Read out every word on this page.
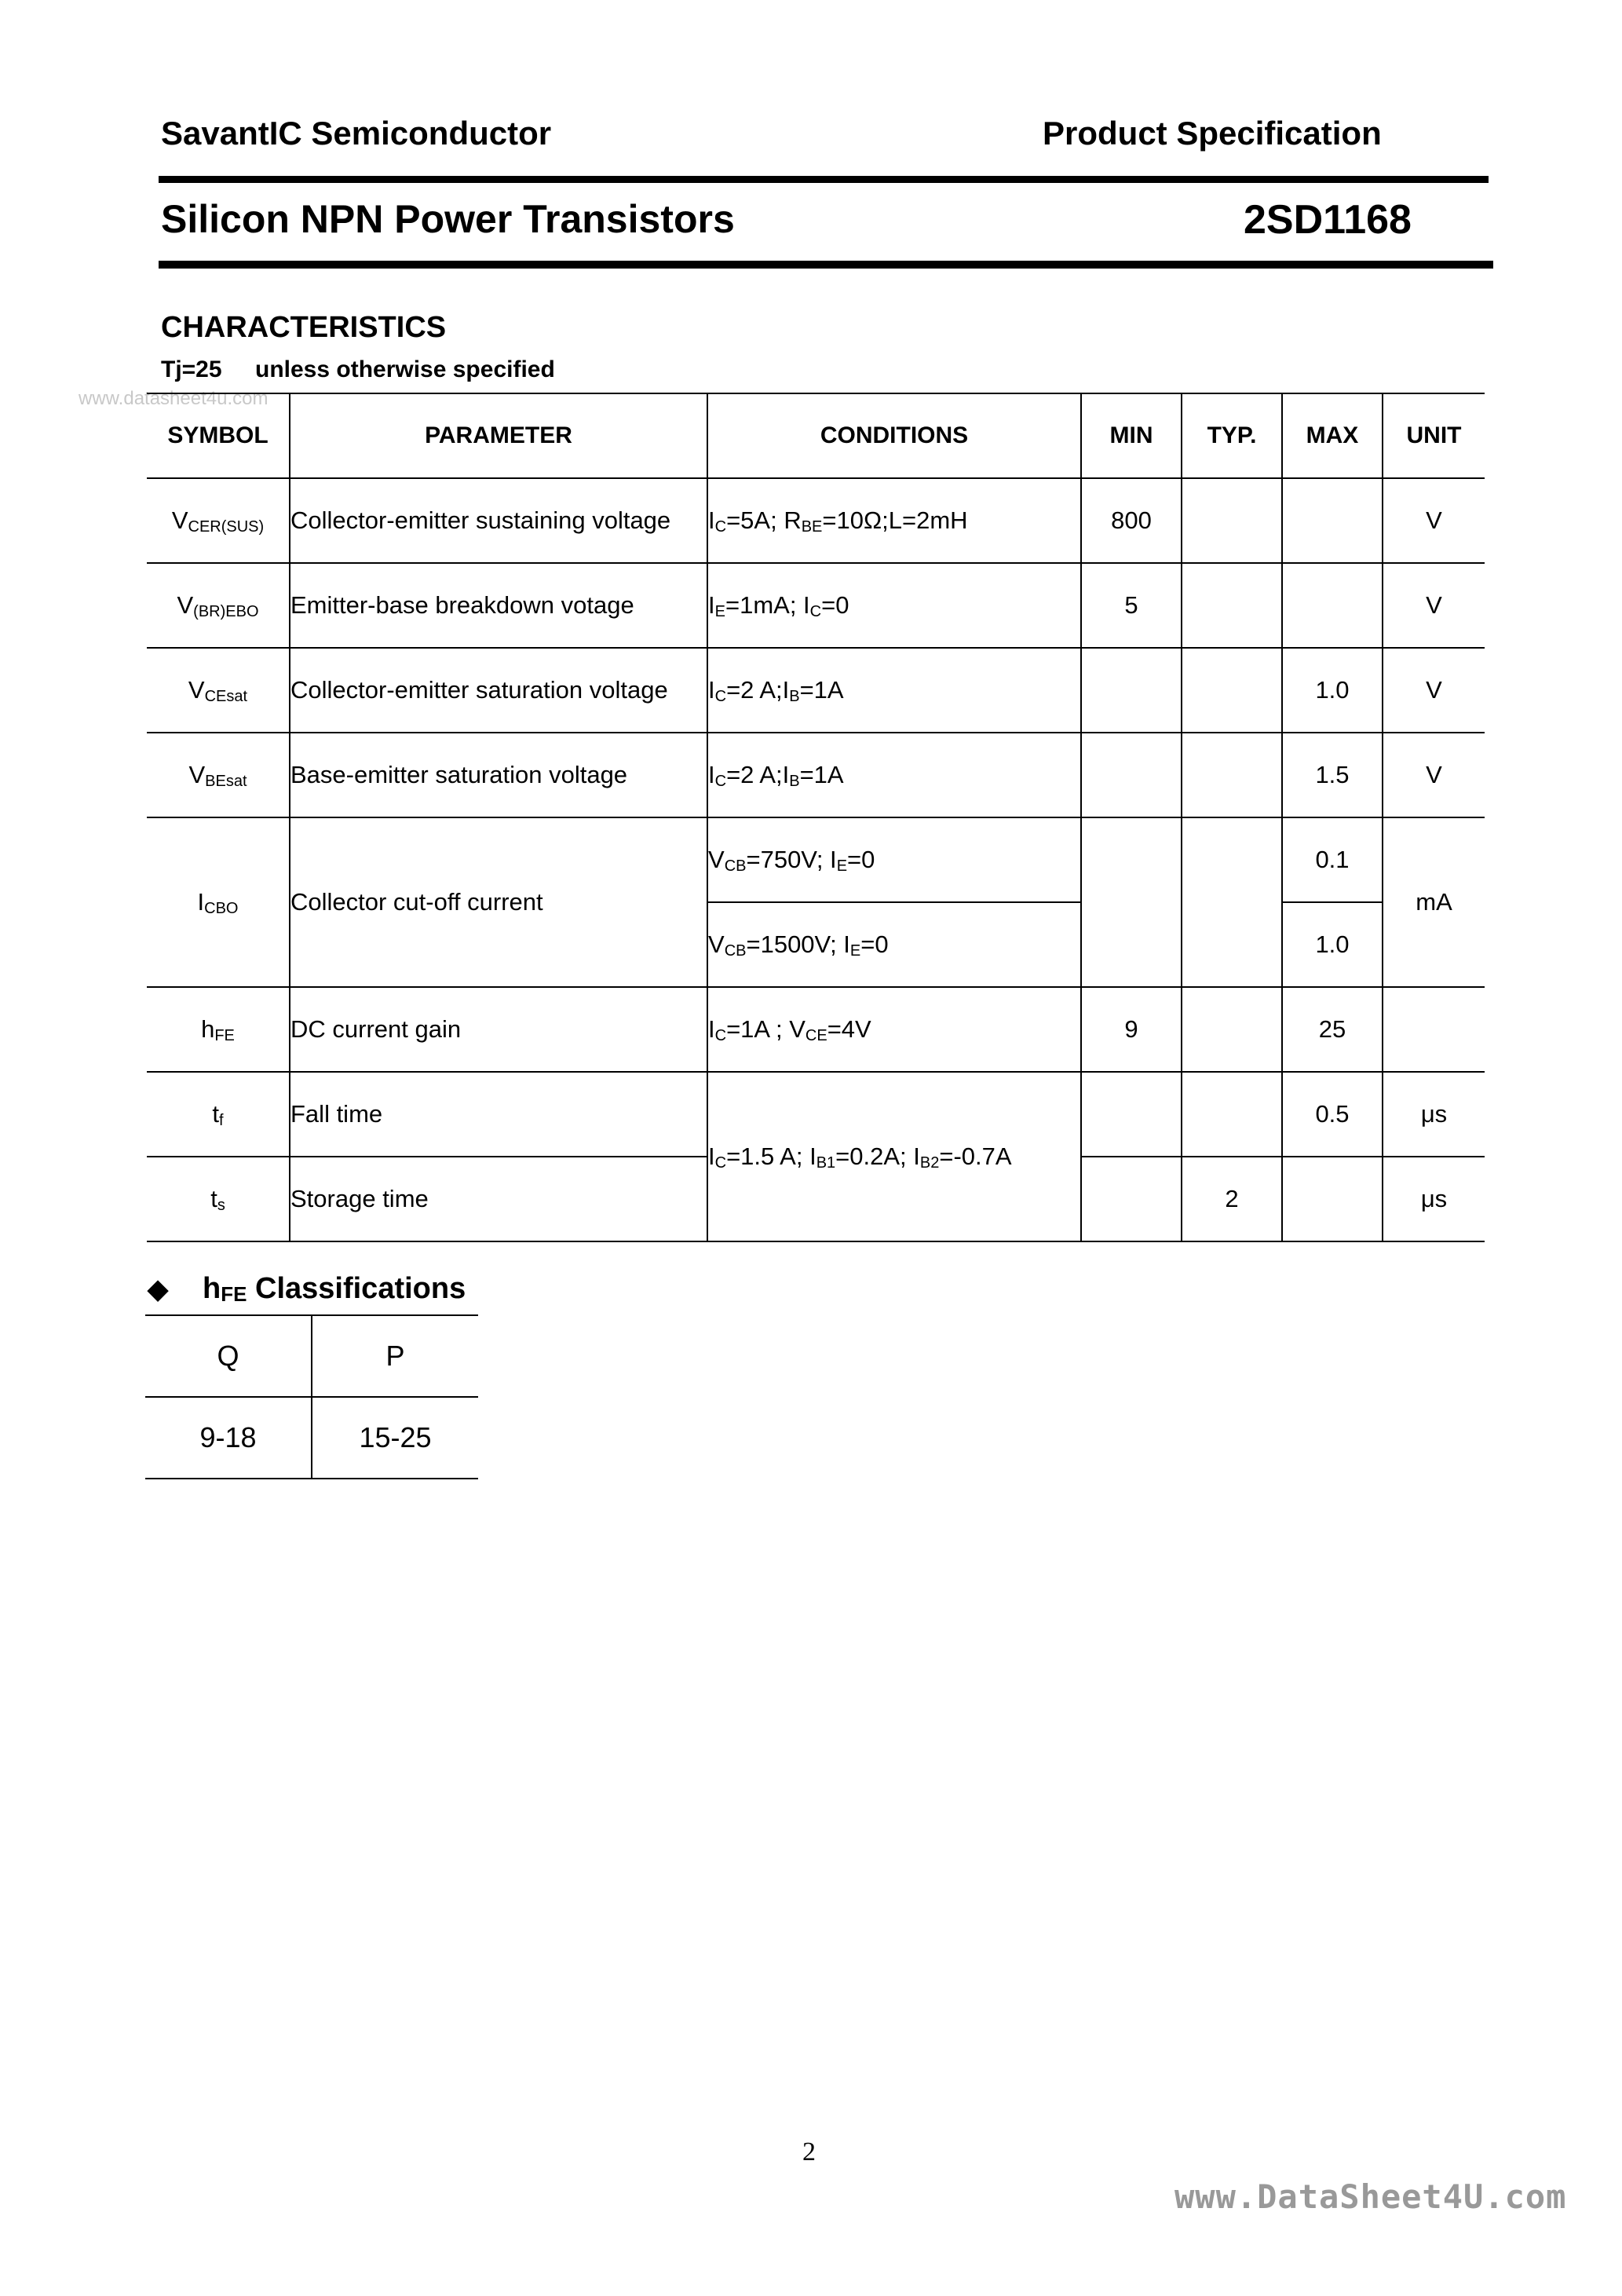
SavantIC Semiconductor	Product Specification
Silicon NPN Power Transistors	2SD1168
CHARACTERISTICS
Tj=25 unless otherwise specified
www.datasheet4u.com
SYMBOL	PARAMETER	CONDITIONS	MIN	TYP.	MAX	UNIT
$V_{CER(SUS)}$	Collector-emitter sustaining voltage	$I_C=5A$; $R_{BE}=10\Omega;L=2mH$	800			V
$V_{(BR)EBO}$	Emitter-base breakdown votage	$I_E=1mA$; $I_C=0$	5			V
$V_{CEsat}$	Collector-emitter saturation voltage	$I_C=2$ $A;I_B=1A$			1.0	V
$V_{BEsat}$	Base-emitter saturation voltage	$I_C=2$ $A;I_B=1A$			1.5	V
$I_{CBO}$	Collector cut-off current	$V_{CB}=750V$; $I_E=0$			0.1	mA
		$V_{CB}=1500V$; $I_E=0$			1.0	
$h_{FE}$	DC current gain	$I_C=1A$ ; $V_{CE}=4V$	9		25	
$t_f$	Fall time	$I_C=1.5$ A; $I_{B1}=0.2A$; $I_{B2}=-0.7A$			0.5	μs
$t_s$	Storage time			2		μs
◆ $h_{FE}$ Classifications
Q	P
9-18	15-25
2
www.DataSheet4U.com
